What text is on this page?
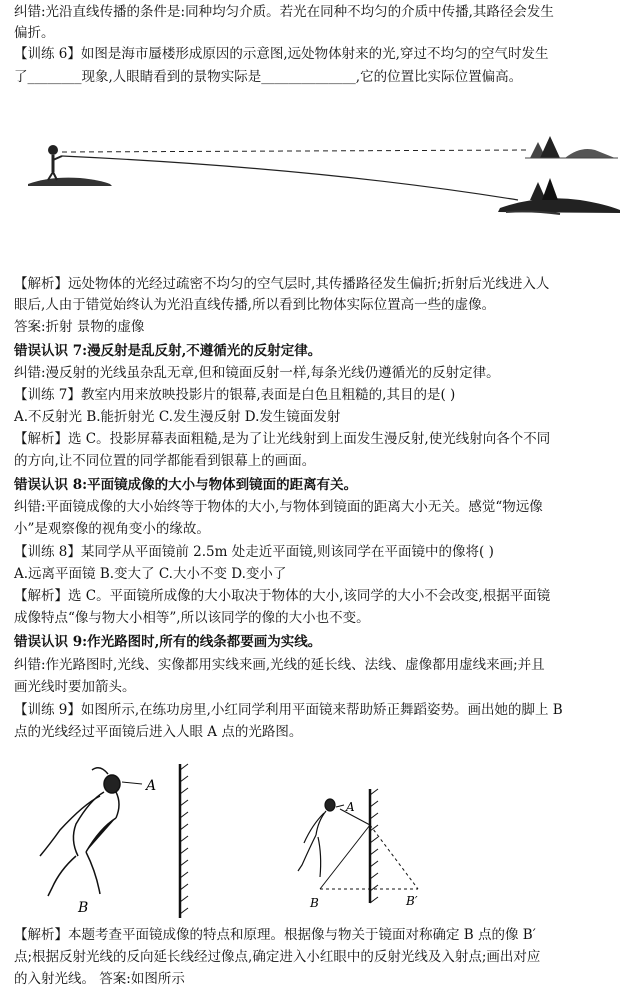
纠错:光沿直线传播的条件是:同种均匀介质。若光在同种不均匀的介质中传播,其路径会发生
偏折。
【训练 6】如图是海市蜃楼形成原因的示意图,远处物体射来的光,穿过不均匀的空气时发生
了________现象,人眼睛看到的景物实际是______________,它的位置比实际位置偏高。
【解析】远处物体的光经过疏密不均匀的空气层时,其传播路径发生偏折;折射后光线进入人
眼后,人由于错觉始终认为光沿直线传播,所以看到比物体实际位置高一些的虚像。
答案:折射 景物的虚像
错误认识 7:漫反射是乱反射,不遵循光的反射定律。
纠错:漫反射的光线虽杂乱无章,但和镜面反射一样,每条光线仍遵循光的反射定律。
【训练 7】教室内用来放映投影片的银幕,表面是白色且粗糙的,其目的是( )
A.不反射光 B.能折射光 C.发生漫反射 D.发生镜面发射
【解析】选 C。投影屏幕表面粗糙,是为了让光线射到上面发生漫反射,使光线射向各个不同
的方向,让不同位置的同学都能看到银幕上的画面。
错误认识 8:平面镜成像的大小与物体到镜面的距离有关。
纠错:平面镜成像的大小始终等于物体的大小,与物体到镜面的距离大小无关。感觉“物远像
小”是观察像的视角变小的缘故。
【训练 8】某同学从平面镜前 2.5m 处走近平面镜,则该同学在平面镜中的像将( )
A.远离平面镜 B.变大了 C.大小不变 D.变小了
【解析】选 C。平面镜所成像的大小取决于物体的大小,该同学的大小不会改变,根据平面镜
成像特点“像与物大小相等”,所以该同学的像的大小也不变。
错误认识 9:作光路图时,所有的线条都要画为实线。
纠错:作光路图时,光线、实像都用实线来画,光线的延长线、法线、虚像都用虚线来画;并且
画光线时要加箭头。
【训练 9】如图所示,在练功房里,小红同学利用平面镜来帮助矫正舞蹈姿势。画出她的脚上 B
点的光线经过平面镜后进入人眼 A 点的光路图。
A
B
A
B	B′
【解析】本题考查平面镜成像的特点和原理。根据像与物关于镜面对称确定 B 点的像 B′
点;根据反射光线的反向延长线经过像点,确定进入小红眼中的反射光线及入射点;画出对应
的入射光线。 答案:如图所示
